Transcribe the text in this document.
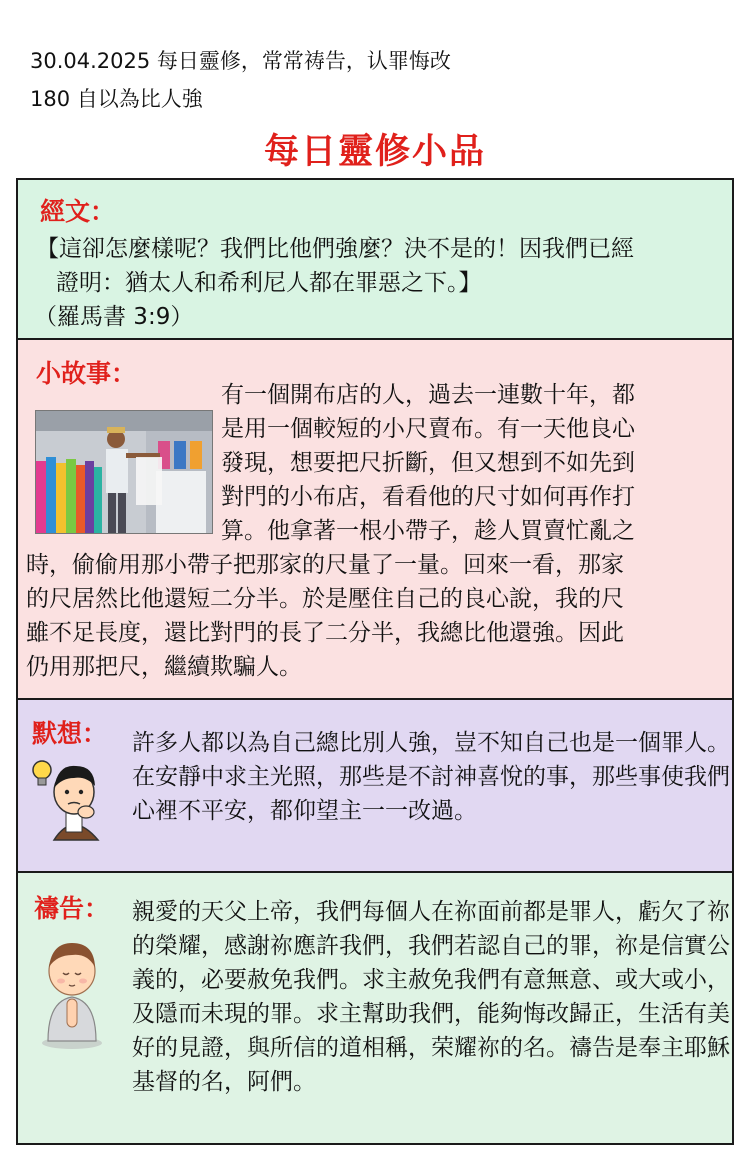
30.04.2025 每日靈修，常常祷告，认罪悔改
180 自以為比人強
每日靈修小品
經文：
【這卻怎麼樣呢？我們比他們強麼？決不是的！因我們已經
證明：猶太人和希利尼人都在罪惡之下。】
（羅馬書 3:9）
小故事：
有一個開布店的人，過去一連數十年，都
是用一個較短的小尺賣布。有一天他良心
發現，想要把尺折斷，但又想到不如先到
對門的小布店，看看他的尺寸如何再作打
算。他拿著一根小帶子，趁人買賣忙亂之
時，偷偷用那小帶子把那家的尺量了一量。回來一看，那家
的尺居然比他還短二分半。於是壓住自己的良心說，我的尺
雖不足長度，還比對門的長了二分半，我總比他還強。因此
仍用那把尺，繼續欺騙人。
默想： 許多人都以為自己總比別人強，豈不知自己也是一個罪人。在安靜中求主光照，那些是不討神喜悅的事，那些事使我們心裡不平安，都仰望主一一改過。
禱告： 親愛的天父上帝，我們每個人在祢面前都是罪人，虧欠了祢的榮耀，感謝祢應許我們，我們若認自己的罪，祢是信實公義的，必要赦免我們。求主赦免我們有意無意、或大或小，及隱而未現的罪。求主幫助我們，能夠悔改歸正，生活有美好的見證，與所信的道相稱，荣耀祢的名。禱告是奉主耶穌基督的名，阿們。
